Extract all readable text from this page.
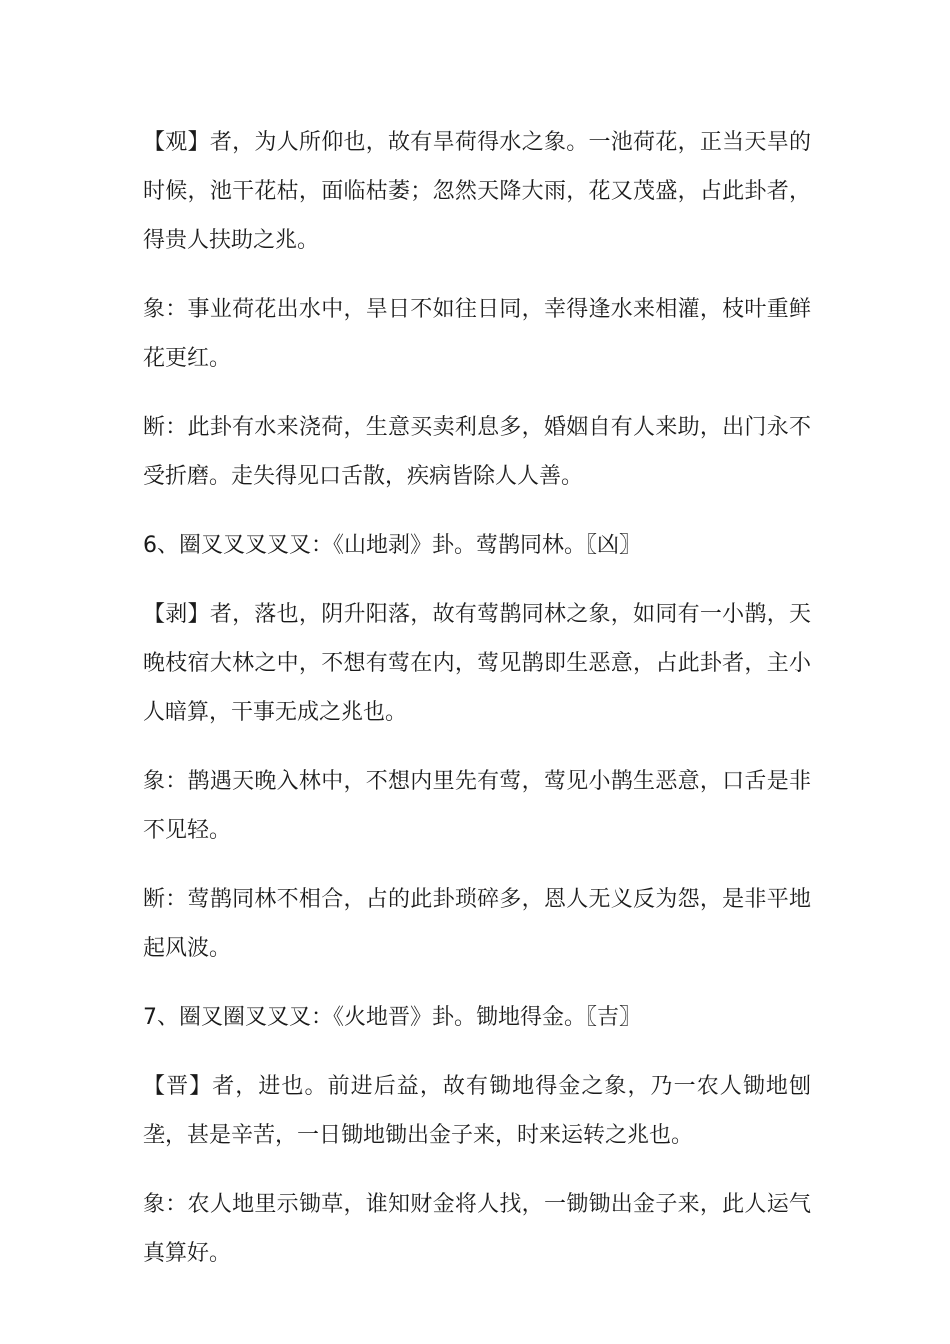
【观】者，为人所仰也，故有旱荷得水之象。一池荷花，正当天旱的时候，池干花枯，面临枯萎；忽然天降大雨，花又茂盛，占此卦者，得贵人扶助之兆。

象：事业荷花出水中，旱日不如往日同，幸得逢水来相灌，枝叶重鲜花更红。

断：此卦有水来浇荷，生意买卖利息多，婚姻自有人来助，出门永不受折磨。走失得见口舌散，疾病皆除人人善。

6、圈叉叉叉叉叉：《山地剥》卦。莺鹊同林。〖凶〗

【剥】者，落也，阴升阳落，故有莺鹊同林之象，如同有一小鹊，天晚枝宿大林之中，不想有莺在内，莺见鹊即生恶意，占此卦者，主小人暗算，干事无成之兆也。

象：鹊遇天晚入林中，不想内里先有莺，莺见小鹊生恶意，口舌是非不见轻。

断：莺鹊同林不相合，占的此卦琐碎多，恩人无义反为怨，是非平地起风波。

7、圈叉圈叉叉叉：《火地晋》卦。锄地得金。〖吉〗

【晋】者，进也。前进后益，故有锄地得金之象，乃一农人锄地刨垄，甚是辛苦，一日锄地锄出金子来，时来运转之兆也。

象：农人地里示锄草，谁知财金将人找，一锄锄出金子来，此人运气真算好。
